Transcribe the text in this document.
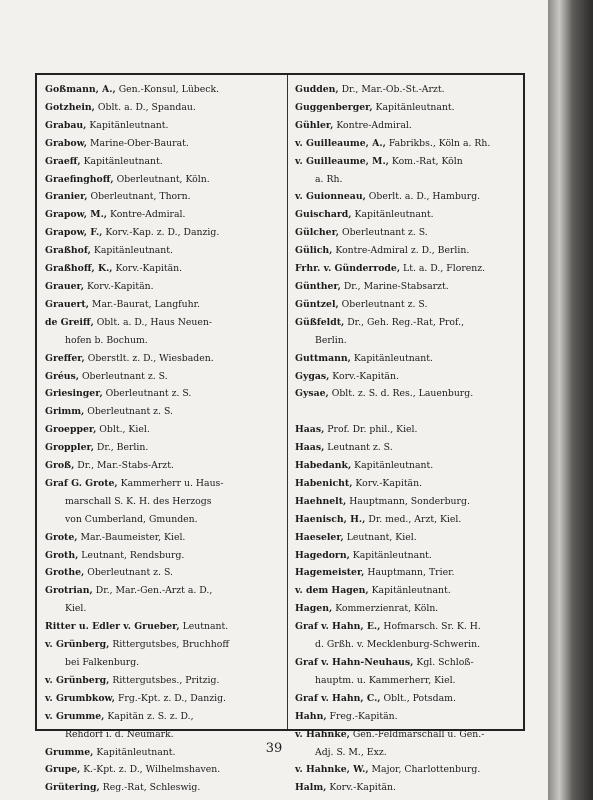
Goßmann, A., Gen.-Konsul, Lübeck.
Gotzhein, Oblt. a. D., Spandau.
Grabau, Kapitänleutnant.
Grabow, Marine-Ober-Baurat.
Graeff, Kapitänleutnant.
Graefinghoff, Oberleutnant, Köln.
Granier, Oberleutnant, Thorn.
Grapow, M., Kontre-Admiral.
Grapow, F., Korv.-Kap. z. D., Danzig.
Graßhof, Kapitänleutnant.
Graßhoff, K., Korv.-Kapitän.
Grauer, Korv.-Kapitän.
Grauert, Mar.-Baurat, Langfuhr.
de Greiff, Oblt. a. D., Haus Neuen-
hofen b. Bochum.
Greffer, Oberstlt. z. D., Wiesbaden.
Gréus, Oberleutnant z. S.
Griesinger, Oberleutnant z. S.
Grimm, Oberleutnant z. S.
Groepper, Oblt., Kiel.
Groppler, Dr., Berlin.
Groß, Dr., Mar.-Stabs-Arzt.
Graf G. Grote, Kammerherr u. Haus-
marschall S. K. H. des Herzogs
von Cumberland, Gmunden.
Grote, Mar.-Baumeister, Kiel.
Groth, Leutnant, Rendsburg.
Grothe, Oberleutnant z. S.
Grotrian, Dr., Mar.-Gen.-Arzt a. D.,
Kiel.
Ritter u. Edler v. Grueber, Leutnant.
v. Grünberg, Rittergutsbes, Bruchhoff
bei Falkenburg.
v. Grünberg, Rittergutsbes., Pritzig.
v. Grumbkow, Frg.-Kpt. z. D., Danzig.
v. Grumme, Kapitän z. S. z. D.,
Rehdorf i. d. Neumark.
Grumme, Kapitänleutnant.
Grupe, K.-Kpt. z. D., Wilhelmshaven.
Grütering, Reg.-Rat, Schleswig.
Gudden, Dr., Mar.-Ob.-St.-Arzt.
Guggenberger, Kapitänleutnant.
Gühler, Kontre-Admiral.
v. Guilleaume, A., Fabrikbs., Köln a. Rh.
v. Guilleaume, M., Kom.-Rat, Köln
a. Rh.
v. Guionneau, Oberlt. a. D., Hamburg.
Guischard, Kapitänleutnant.
Gülcher, Oberleutnant z. S.
Gülich, Kontre-Admiral z. D., Berlin.
Frhr. v. Günderrode, Lt. a. D., Florenz.
Günther, Dr., Marine-Stabsarzt.
Güntzel, Oberleutnant z. S.
Güßfeldt, Dr., Geh. Reg.-Rat, Prof.,
Berlin.
Guttmann, Kapitänleutnant.
Gygas, Korv.-Kapitän.
Gysae, Oblt. z. S. d. Res., Lauenburg.
Haas, Prof. Dr. phil., Kiel.
Haas, Leutnant z. S.
Habedank, Kapitänleutnant.
Habenicht, Korv.-Kapitän.
Haehnelt, Hauptmann, Sonderburg.
Haenisch, H., Dr. med., Arzt, Kiel.
Haeseler, Leutnant, Kiel.
Hagedorn, Kapitänleutnant.
Hagemeister, Hauptmann, Trier.
v. dem Hagen, Kapitänleutnant.
Hagen, Kommerzienrat, Köln.
Graf v. Hahn, E., Hofmarsch. Sr. K. H.
d. Grßh. v. Mecklenburg-Schwerin.
Graf v. Hahn-Neuhaus, Kgl. Schloß-
hauptm. u. Kammerherr, Kiel.
Graf v. Hahn, C., Oblt., Potsdam.
Hahn, Freg.-Kapitän.
v. Hahnke, Gen.-Feldmarschall u. Gen.-
Adj. S. M., Exz.
v. Hahnke, W., Major, Charlottenburg.
Halm, Korv.-Kapitän.
39
